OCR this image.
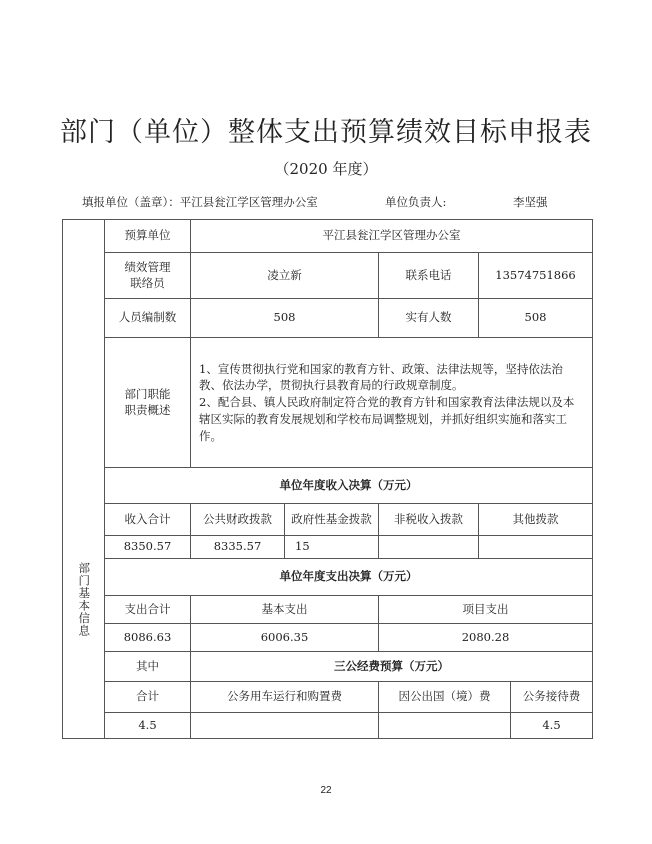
部门（单位）整体支出预算绩效目标申报表
（2020 年度）
填报单位（盖章）：平江县瓮江学区管理办公室	单位负责人:	李坚强
部门基本信息	预算单位	平江县瓮江学区管理办公室				
	绩效管理联络员	凌立新		联系电话	13574751866	
	人员编制数	508		实有人数	508	
	部门职能职责概述	1、宣传贯彻执行党和国家的教育方针、政策、法律法规等，坚持依法治教、依法办学，贯彻执行县教育局的行政规章制度。
2、配合县、镇人民政府制定符合党的教育方针和国家教育法律法规以及本辖区实际的教育发展规划和学校布局调整规划，并抓好组织实施和落实工作。				

	单位年度收入决算（万元）					
	收入合计	公共财政拨款	政府性基金拨款	非税收入拨款	其他拨款	
	8350.57	8335.57	15			
	单位年度支出决算（万元）					
	支出合计	基本支出		项目支出		
	8086.63	6006.35		2080.28		
	其中	三公经费预算（万元）				
	合计	公务用车运行和购置费		因公出国（境）费		公务接待费
	4.5					4.5
22
